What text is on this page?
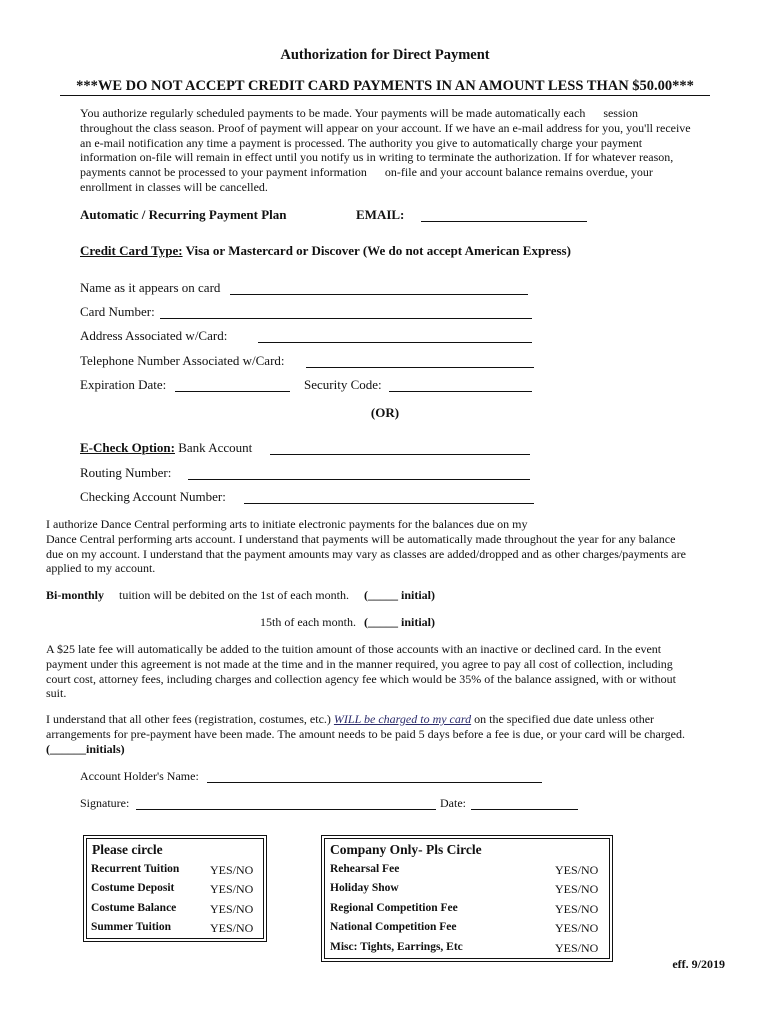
Authorization for Direct Payment
***WE DO NOT ACCEPT CREDIT CARD PAYMENTS IN AN AMOUNT LESS THAN $50.00***
You authorize regularly scheduled payments to be made. Your payments will be made automatically each      session
throughout the class season. Proof of payment will appear on your account. If we have an e-mail address for you, you'll receive
an e-mail notification any time a payment is processed. The authority you give to automatically charge your payment
information on-file will remain in effect until you notify us in writing to terminate the authorization. If for whatever reason,
payments cannot be processed to your payment information      on-file and your account balance remains overdue, your
enrollment in classes will be cancelled.
Automatic / Recurring Payment Plan	EMAIL:
Credit Card Type: Visa or Mastercard or Discover (We do not accept American Express)
Name as it appears on card
Card Number:
Address Associated w/Card:
Telephone Number Associated w/Card:
Expiration Date:	Security Code:
(OR)
E-Check Option: Bank Account
Routing Number:
Checking Account Number:
I authorize Dance Central performing arts to initiate electronic payments for the balances due on my
Dance Central performing arts account. I understand that payments will be automatically made throughout the year for any balance
due on my account. I understand that the payment amounts may vary as classes are added/dropped and as other charges/payments are
applied to my account.
Bi-monthly tuition will be debited on the 1st of each month. (_____ initial)
15th of each month. (_____ initial)
A $25 late fee will automatically be added to the tuition amount of those accounts with an inactive or declined card. In the event
payment under this agreement is not made at the time and in the manner required, you agree to pay all cost of collection, including
court cost, attorney fees, including charges and collection agency fee which would be 35% of the balance assigned, with or without
suit.
I understand that all other fees (registration, costumes, etc.) WILL be charged to my card on the specified due date unless other
arrangements for pre-payment have been made. The amount needs to be paid 5 days before a fee is due, or your card will be charged.
(______initials)
Account Holder's Name:
Signature:	Date:
Please circle
Recurrent Tuition	YES/NO
Costume Deposit	YES/NO
Costume Balance	YES/NO
Summer Tuition	YES/NO
Company Only- Pls Circle
Rehearsal Fee	YES/NO
Holiday Show	YES/NO
Regional Competition Fee	YES/NO
National Competition Fee	YES/NO
Misc: Tights, Earrings, Etc	YES/NO
eff. 9/2019
